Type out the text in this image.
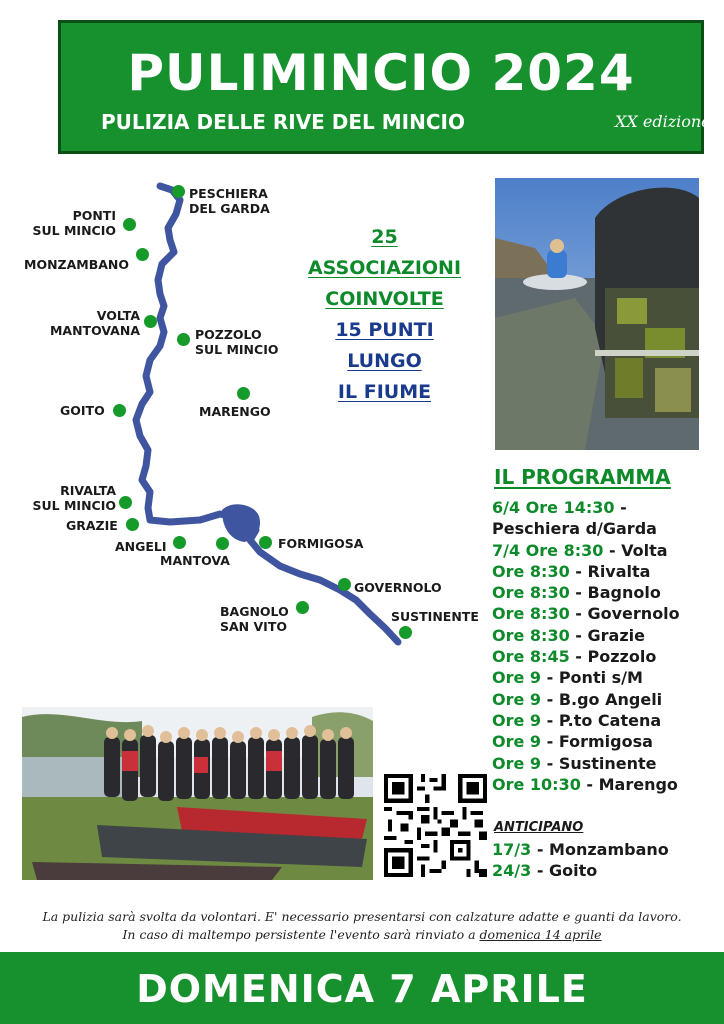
PULIMINCIO 2024
PULIZIA DELLE RIVE DEL MINCIO	XX edizione
PESCHIERA
DEL GARDA
PONTI
SUL MINCIO
MONZAMBANO
VOLTA
MANTOVANA	POZZOLO
SUL MINCIO
GOITO	MARENGO
RIVALTA
SUL MINCIO
GRAZIE
ANGELI
MANTOVA
FORMIGOSA
GOVERNOLO
BAGNOLO
SAN VITO
SUSTINENTE
25
ASSOCIAZIONI
COINVOLTE
15 PUNTI
LUNGO
IL FIUME
IL PROGRAMMA
6/4 Ore 14:30 -
Peschiera d/Garda
7/4 Ore 8:30 - Volta
Ore 8:30 - Rivalta
Ore 8:30 - Bagnolo
Ore 8:30 - Governolo
Ore 8:30 - Grazie
Ore 8:45 - Pozzolo
Ore 9 - Ponti s/M
Ore 9 - B.go Angeli
Ore 9 - P.to Catena
Ore 9 - Formigosa
Ore 9 - Sustinente
Ore 10:30 - Marengo
ANTICIPANO
17/3 - Monzambano
24/3 - Goito
La pulizia sarà svolta da volontari. E' necessario presentarsi con calzature adatte e guanti da lavoro.
In caso di maltempo persistente l'evento sarà rinviato a domenica 14 aprile
DOMENICA 7 APRILE
